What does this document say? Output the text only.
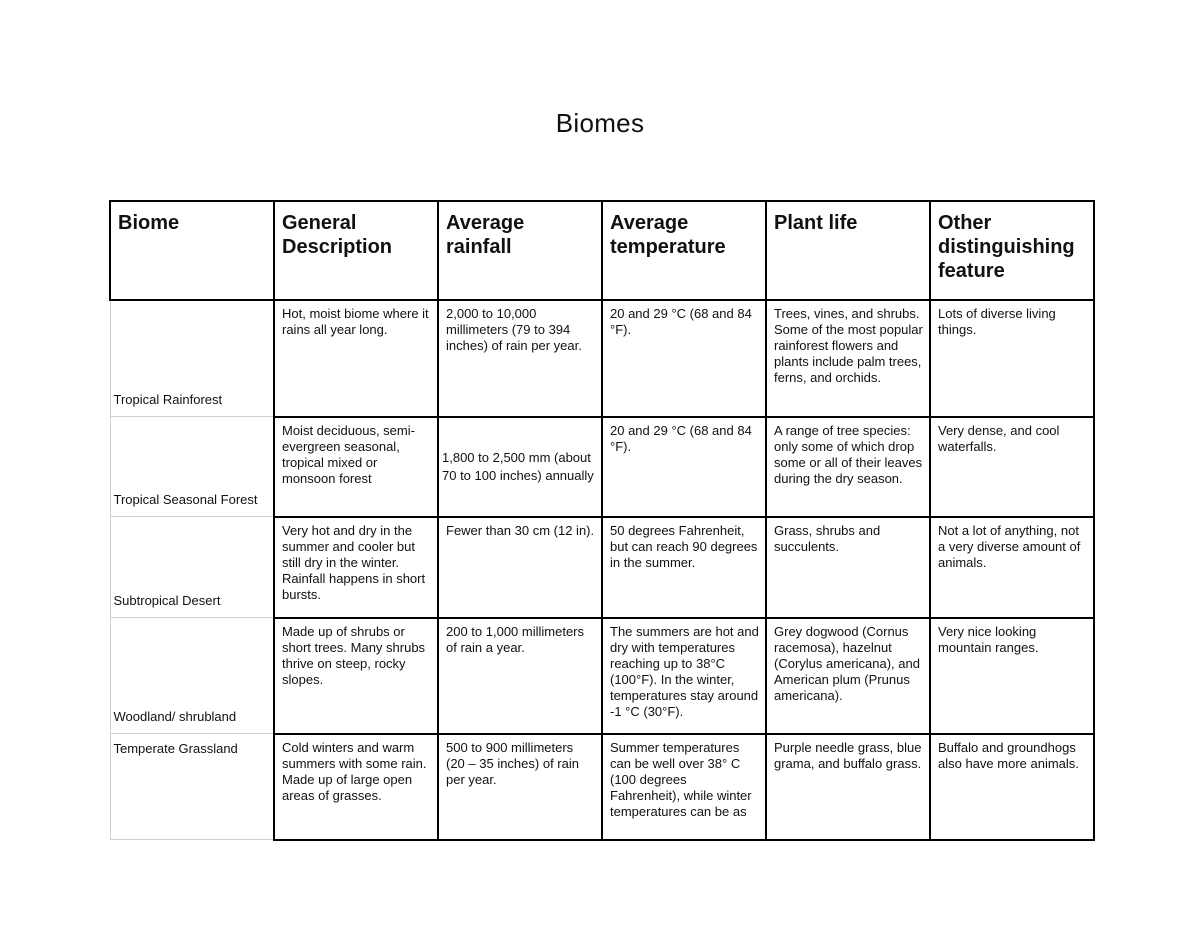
Biomes
Biome	General Description	Average rainfall	Average temperature	Plant life	Other distinguishing feature
Tropical Rainforest	Hot, moist biome where it rains all year long.	2,000 to 10,000 millimeters (79 to 394 inches) of rain per year.	20 and 29 °C (68 and 84 °F).	Trees, vines, and shrubs. Some of the most popular rainforest flowers and plants include palm trees, ferns, and orchids.	Lots of diverse living things.
Tropical Seasonal Forest	Moist deciduous, semi-evergreen seasonal, tropical mixed or monsoon forest	1,800 to 2,500 mm (about 70 to 100 inches) annually	20 and 29 °C (68 and 84 °F).	A range of tree species: only some of which drop some or all of their leaves during the dry season.	Very dense, and cool waterfalls.
Subtropical Desert	Very hot and dry in the summer and cooler but still dry in the winter. Rainfall happens in short bursts.	Fewer than 30 cm (12 in).	50 degrees Fahrenheit, but can reach 90 degrees in the summer.	Grass, shrubs and succulents.	Not a lot of anything, not a very diverse amount of animals.
Woodland/ shrubland	Made up of shrubs or short trees. Many shrubs thrive on steep, rocky slopes.	200 to 1,000 millimeters of rain a year.	The summers are hot and dry with temperatures reaching up to 38°C (100°F). In the winter, temperatures stay around -1 °C (30°F).	Grey dogwood (Cornus racemosa), hazelnut (Corylus americana), and American plum (Prunus americana).	Very nice looking mountain ranges.
Temperate Grassland	Cold winters and warm summers with some rain. Made up of large open areas of grasses.	500 to 900 millimeters (20 – 35 inches) of rain per year.	Summer temperatures can be well over 38° C (100 degrees Fahrenheit), while winter temperatures can be as	Purple needle grass, blue grama, and buffalo grass.	Buffalo and groundhogs also have more animals.
